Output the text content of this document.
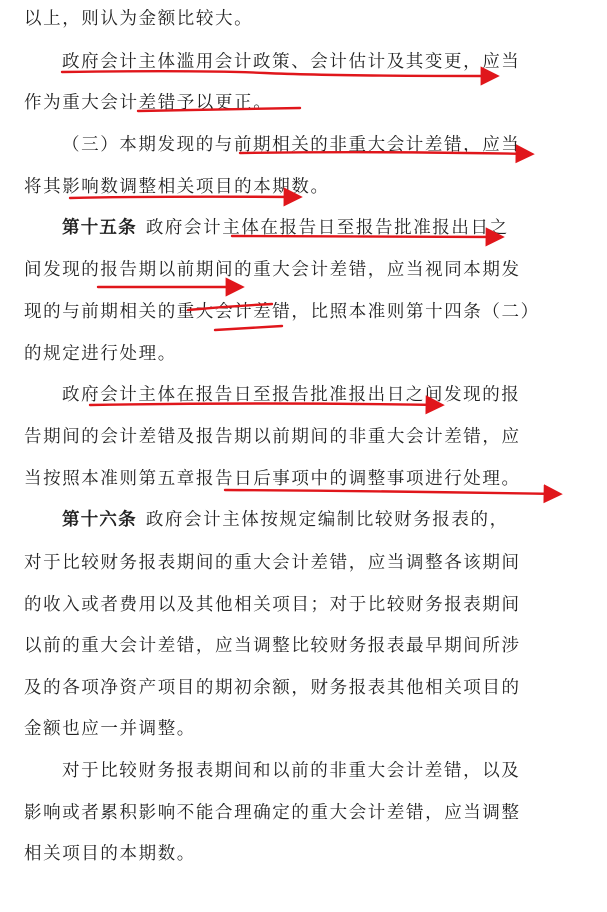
以上，则认为金额比较大。
政府会计主体滥用会计政策、会计估计及其变更，应当
作为重大会计差错予以更正。
（三）本期发现的与前期相关的非重大会计差错，应当
将其影响数调整相关项目的本期数。
第十五条 政府会计主体在报告日至报告批准报出日之
间发现的报告期以前期间的重大会计差错，应当视同本期发
现的与前期相关的重大会计差错，比照本准则第十四条（二）
的规定进行处理。
政府会计主体在报告日至报告批准报出日之间发现的报
告期间的会计差错及报告期以前期间的非重大会计差错，应
当按照本准则第五章报告日后事项中的调整事项进行处理。
第十六条 政府会计主体按规定编制比较财务报表的，
对于比较财务报表期间的重大会计差错，应当调整各该期间
的收入或者费用以及其他相关项目；对于比较财务报表期间
以前的重大会计差错，应当调整比较财务报表最早期间所涉
及的各项净资产项目的期初余额，财务报表其他相关项目的
金额也应一并调整。
对于比较财务报表期间和以前的非重大会计差错，以及
影响或者累积影响不能合理确定的重大会计差错，应当调整
相关项目的本期数。
